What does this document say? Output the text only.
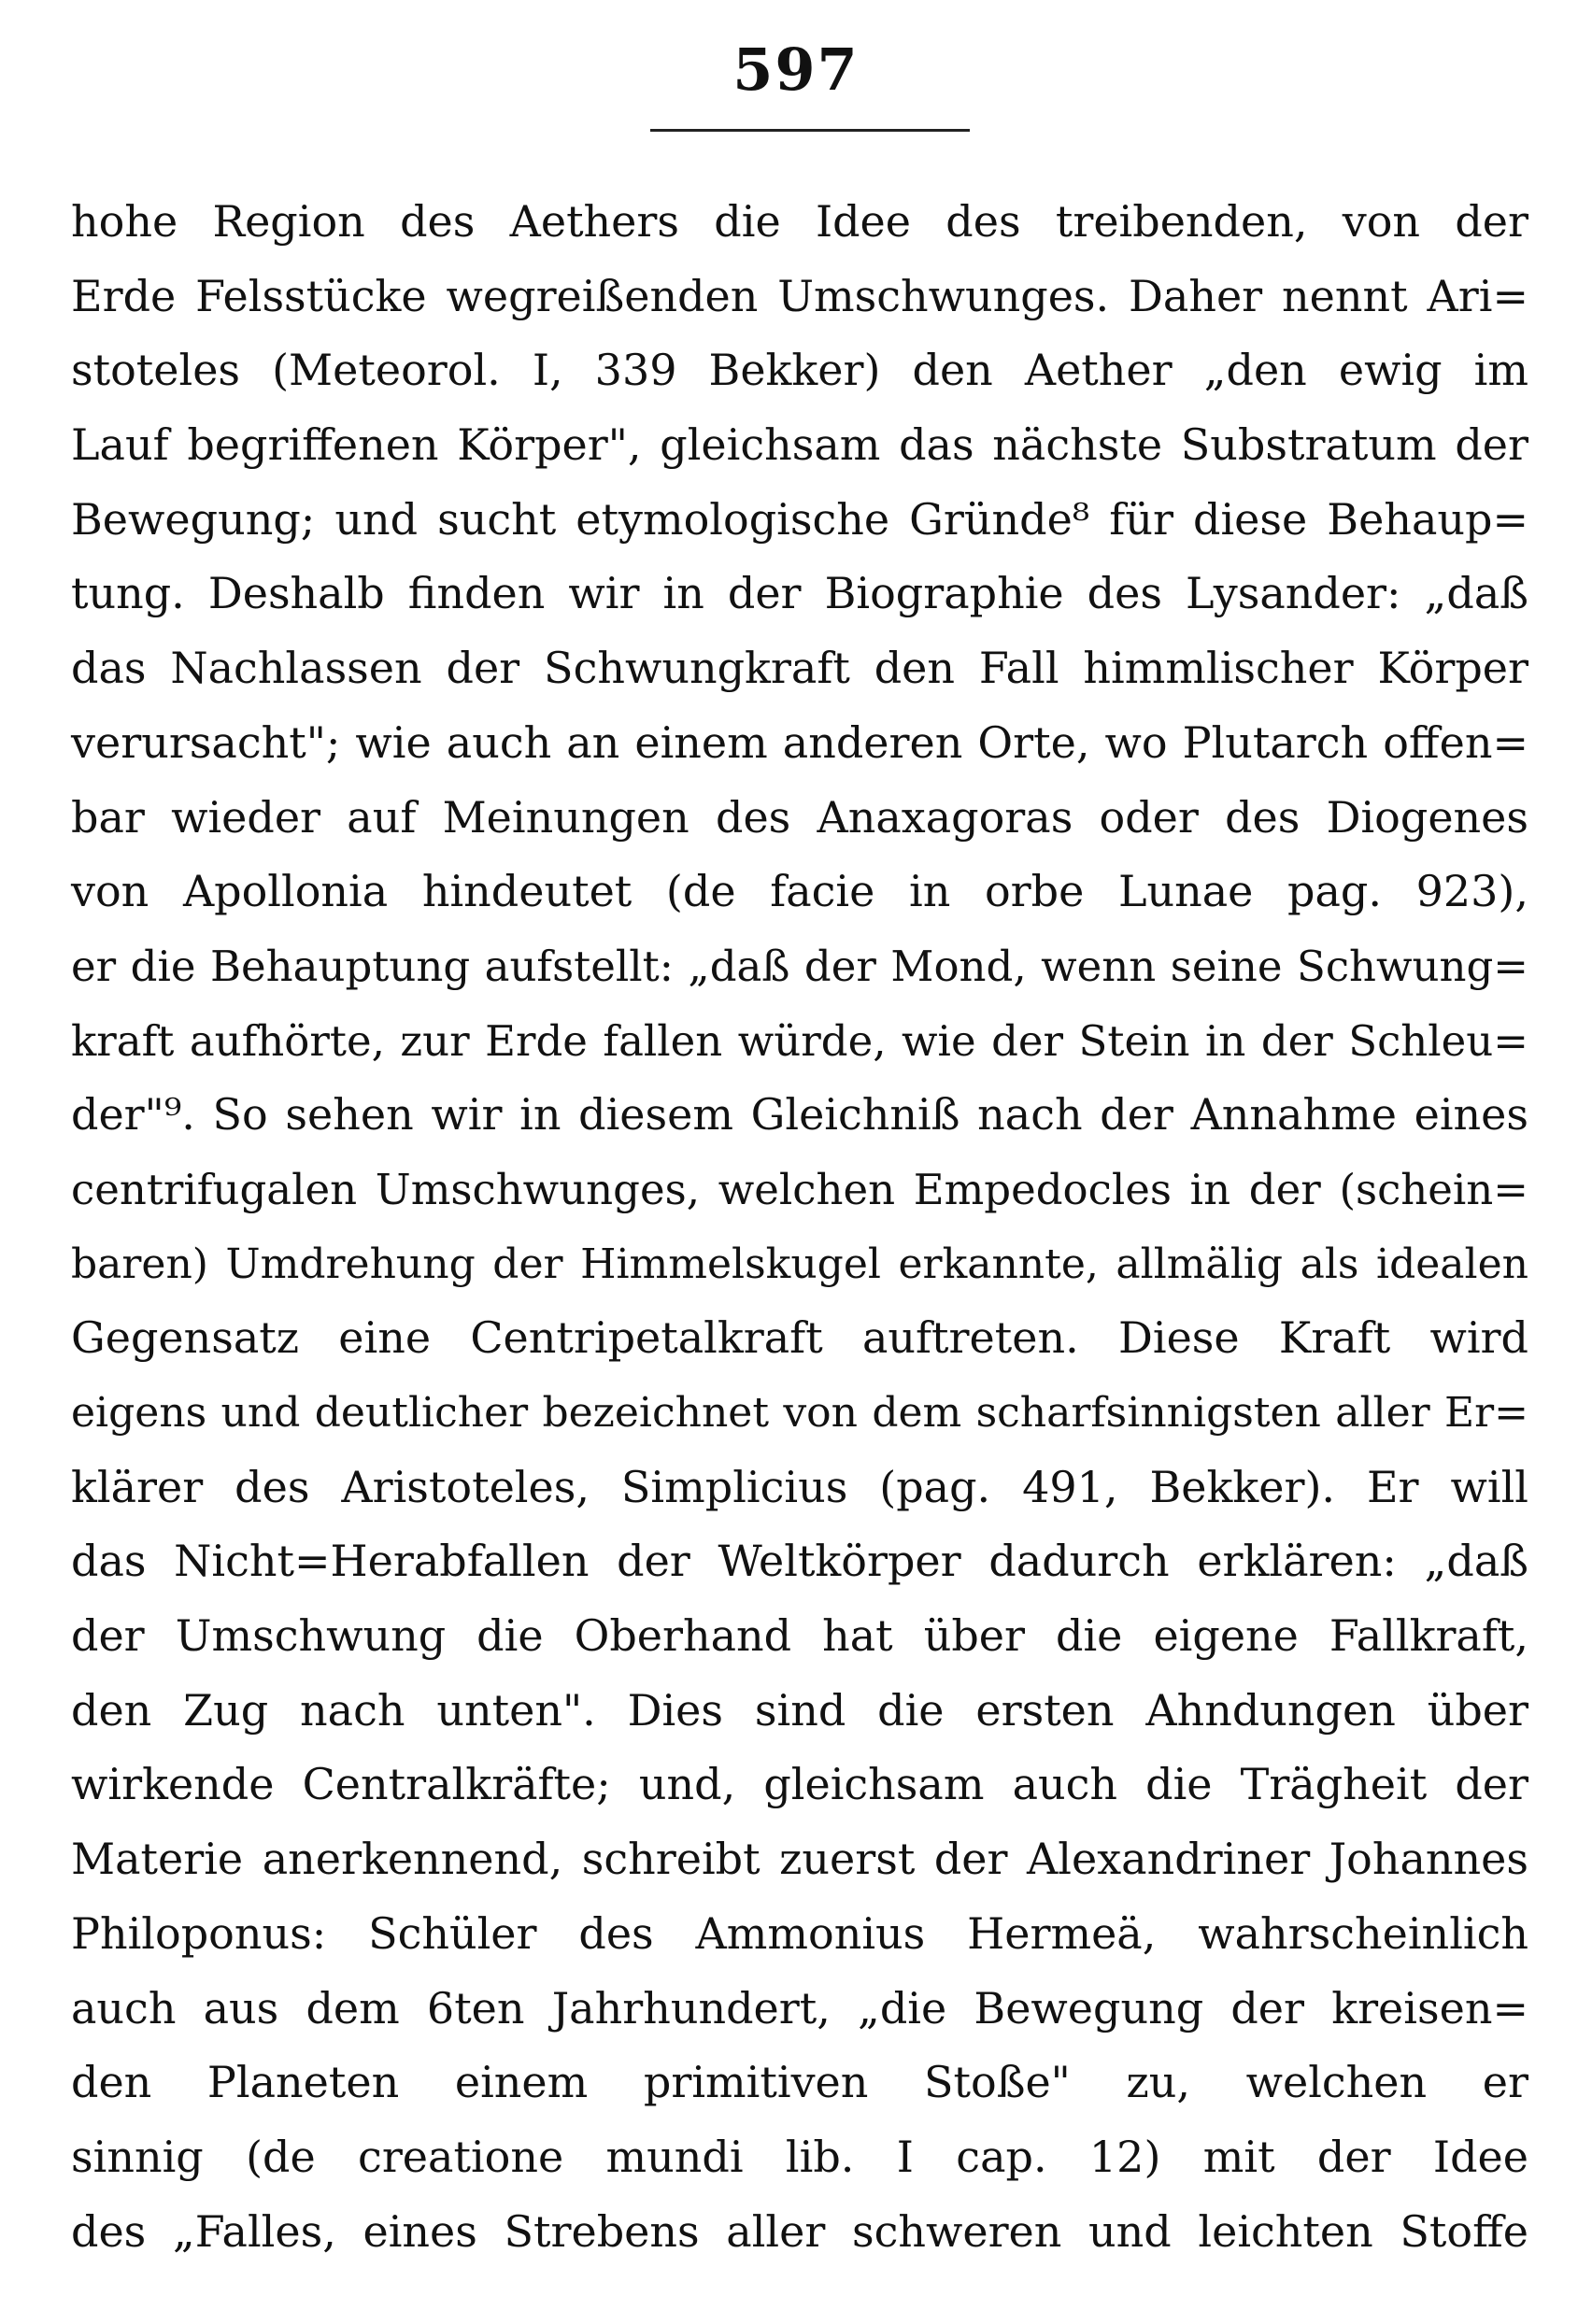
597
hohe Region des Aethers die Idee des treibenden, von der
Erde Felsstücke wegreißenden Umschwunges. Daher nennt Ari=
stoteles (Meteorol. I, 339 Bekker) den Aether „den ewig im
Lauf begriffenen Körper", gleichsam das nächste Substratum der
Bewegung; und sucht etymologische Gründe⁸ für diese Behaup=
tung. Deshalb finden wir in der Biographie des Lysander: „daß
das Nachlassen der Schwungkraft den Fall himmlischer Körper
verursacht"; wie auch an einem anderen Orte, wo Plutarch offen=
bar wieder auf Meinungen des Anaxagoras oder des Diogenes
von Apollonia hindeutet (de facie in orbe Lunae pag. 923),
er die Behauptung aufstellt: „daß der Mond, wenn seine Schwung=
kraft aufhörte, zur Erde fallen würde, wie der Stein in der Schleu=
der"⁹. So sehen wir in diesem Gleichniß nach der Annahme eines
centrifugalen Umschwunges, welchen Empedocles in der (schein=
baren) Umdrehung der Himmelskugel erkannte, allmälig als idealen
Gegensatz eine Centripetalkraft auftreten. Diese Kraft wird
eigens und deutlicher bezeichnet von dem scharfsinnigsten aller Er=
klärer des Aristoteles, Simplicius (pag. 491, Bekker). Er will
das Nicht=Herabfallen der Weltkörper dadurch erklären: „daß
der Umschwung die Oberhand hat über die eigene Fallkraft,
den Zug nach unten". Dies sind die ersten Ahndungen über
wirkende Centralkräfte; und, gleichsam auch die Trägheit der
Materie anerkennend, schreibt zuerst der Alexandriner Johannes
Philoponus: Schüler des Ammonius Hermeä, wahrscheinlich
auch aus dem 6ten Jahrhundert, „die Bewegung der kreisen=
den Planeten einem primitiven Stoße" zu, welchen er
sinnig (de creatione mundi lib. I cap. 12) mit der Idee
des „Falles, eines Strebens aller schweren und leichten Stoffe
